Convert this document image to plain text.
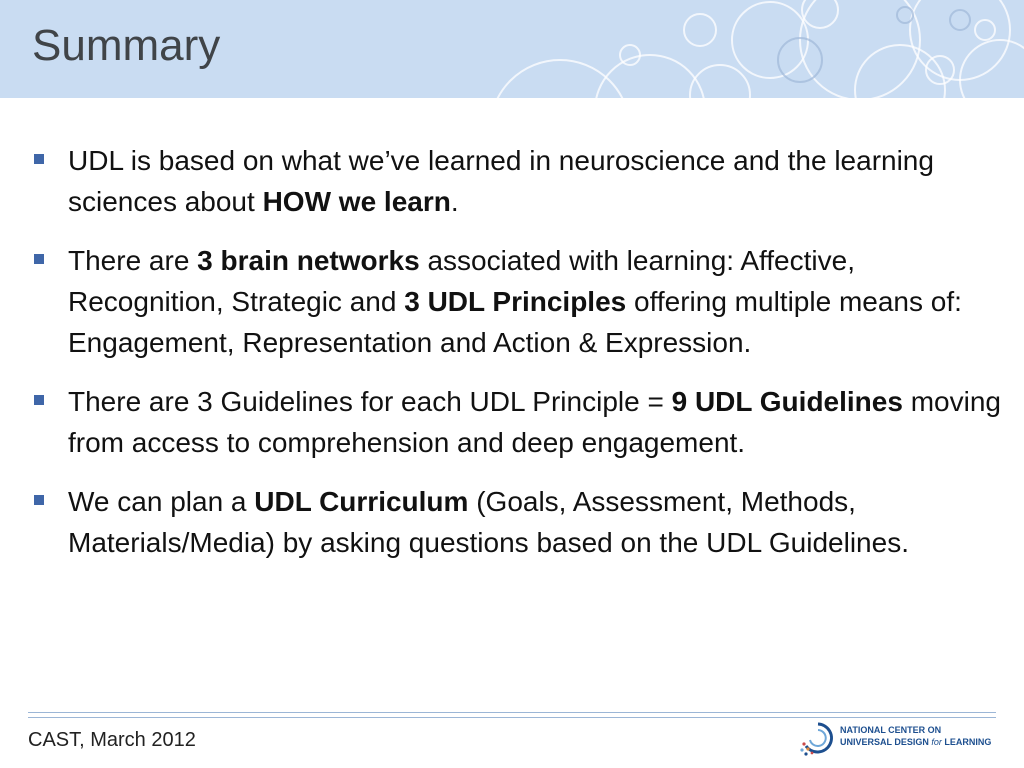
Summary
UDL is based on what we’ve learned in neuroscience and the learning sciences about HOW we learn.
There are 3 brain networks associated with learning: Affective, Recognition, Strategic and 3 UDL Principles offering multiple means of: Engagement, Representation and Action & Expression.
There are 3 Guidelines for each UDL Principle = 9 UDL Guidelines moving from access to comprehension and deep engagement.
We can plan a UDL Curriculum (Goals, Assessment, Methods, Materials/Media) by asking questions based on the UDL Guidelines.
CAST, March 2012	NATIONAL CENTER ON
UNIVERSAL DESIGN for LEARNING
